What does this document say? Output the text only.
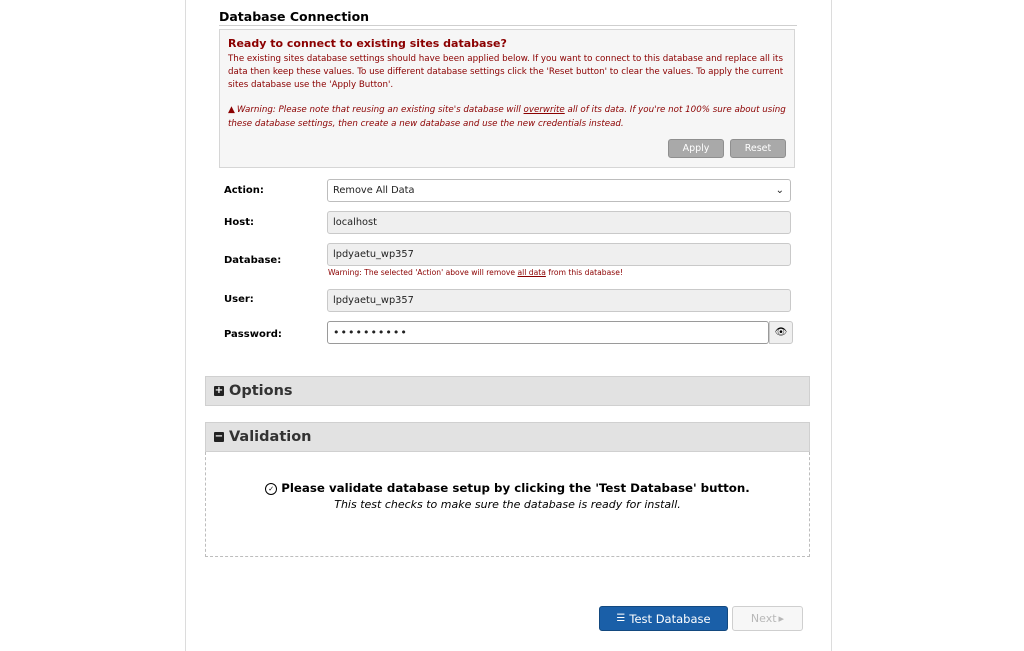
Database Connection
Ready to connect to existing sites database?
The existing sites database settings should have been applied below. If you want to connect to this database and replace all its data then keep these values. To use different database settings click the 'Reset button' to clear the values. To apply the current sites database use the 'Apply Button'.
▲ Warning: Please note that reusing an existing site's database will overwrite all of its data. If you're not 100% sure about using these database settings, then create a new database and use the new credentials instead.
Apply	Reset
Action:	Remove All Data	⌄
Host:	localhost
Database:
lpdyaetu_wp357
Warning: The selected 'Action' above will remove all data from this database!
User:	lpdyaetu_wp357
Password:	••••••••••	👁
+ Options
− Validation
✓ Please validate database setup by clicking the 'Test Database' button.
This test checks to make sure the database is ready for install.
☰ Test Database	Next ▸
